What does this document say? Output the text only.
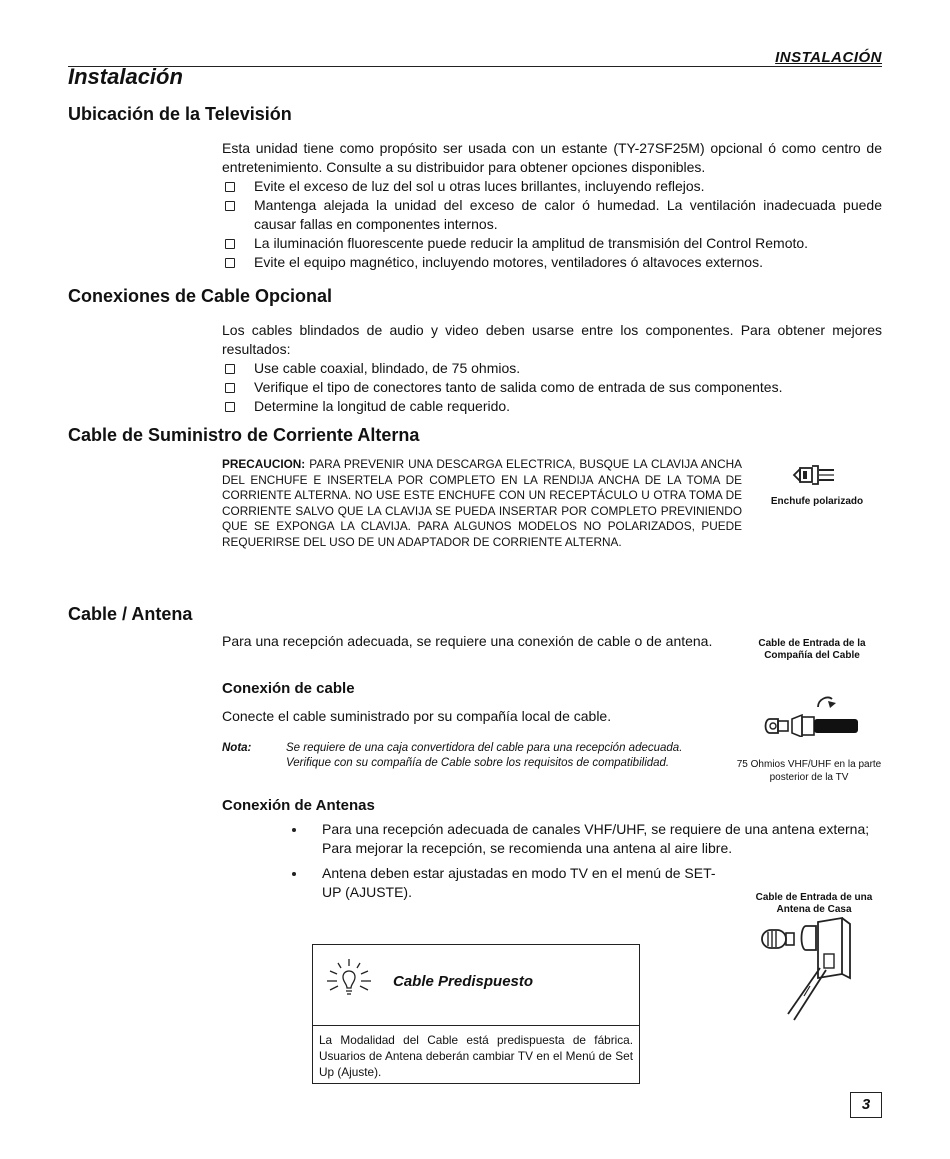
INSTALACIÓN
Instalación
Ubicación de la Televisión
Esta unidad tiene como propósito ser usada con un estante (TY-27SF25M) opcional ó como centro de entretenimiento. Consulte a su distribuidor para obtener opciones disponibles.
Evite el exceso de luz del sol u otras luces brillantes, incluyendo reflejos.
Mantenga alejada la unidad del exceso de calor ó humedad. La ventilación inadecuada puede causar fallas en componentes internos.
La iluminación fluorescente puede reducir la amplitud de transmisión del Control Remoto.
Evite el equipo magnético, incluyendo motores, ventiladores ó altavoces externos.
Conexiones de Cable Opcional
Los cables blindados de audio y video deben usarse entre los componentes. Para obtener mejores resultados:
Use cable coaxial, blindado, de 75 ohmios.
Verifique el tipo de conectores tanto de salida como de entrada de sus componentes.
Determine la longitud de cable requerido.
Cable de Suministro de Corriente Alterna
PRECAUCION: PARA PREVENIR UNA DESCARGA ELECTRICA, BUSQUE LA CLAVIJA ANCHA DEL ENCHUFE E INSERTELA POR COMPLETO EN LA RENDIJA ANCHA DE LA TOMA DE CORRIENTE ALTERNA. NO USE ESTE ENCHUFE CON UN RECEPTÁCULO U OTRA TOMA DE CORRIENTE SALVO QUE LA CLAVIJA SE PUEDA INSERTAR POR COMPLETO PREVINIENDO QUE SE EXPONGA LA CLAVIJA. PARA ALGUNOS MODELOS NO POLARIZADOS, PUEDE REQUERIRSE DEL USO DE UN ADAPTADOR DE CORRIENTE ALTERNA.
Enchufe polarizado
Cable / Antena
Para una recepción adecuada, se requiere una conexión de cable o de antena.	Cable de Entrada de la Compañía del Cable
Conexión de cable
Conecte el cable suministrado por su compañía local de cable.
Nota:	Se requiere de una caja convertidora del cable para una recepción adecuada. Verifique con su compañía de Cable sobre los requisitos de compatibilidad.	75 Ohmios VHF/UHF en la parte posterior de la TV
Conexión de Antenas
Para una recepción adecuada de canales VHF/UHF, se requiere de una antena externa; Para mejorar la recepción, se recomienda una antena al aire libre.
Antena deben estar ajustadas en modo TV en el menú de SET-UP (AJUSTE).	Cable de Entrada de una Antena de Casa
Cable Predispuesto
La Modalidad del Cable está predispuesta de fábrica. Usuarios de Antena deberán cambiar TV en el Menú de Set Up (Ajuste).
3
